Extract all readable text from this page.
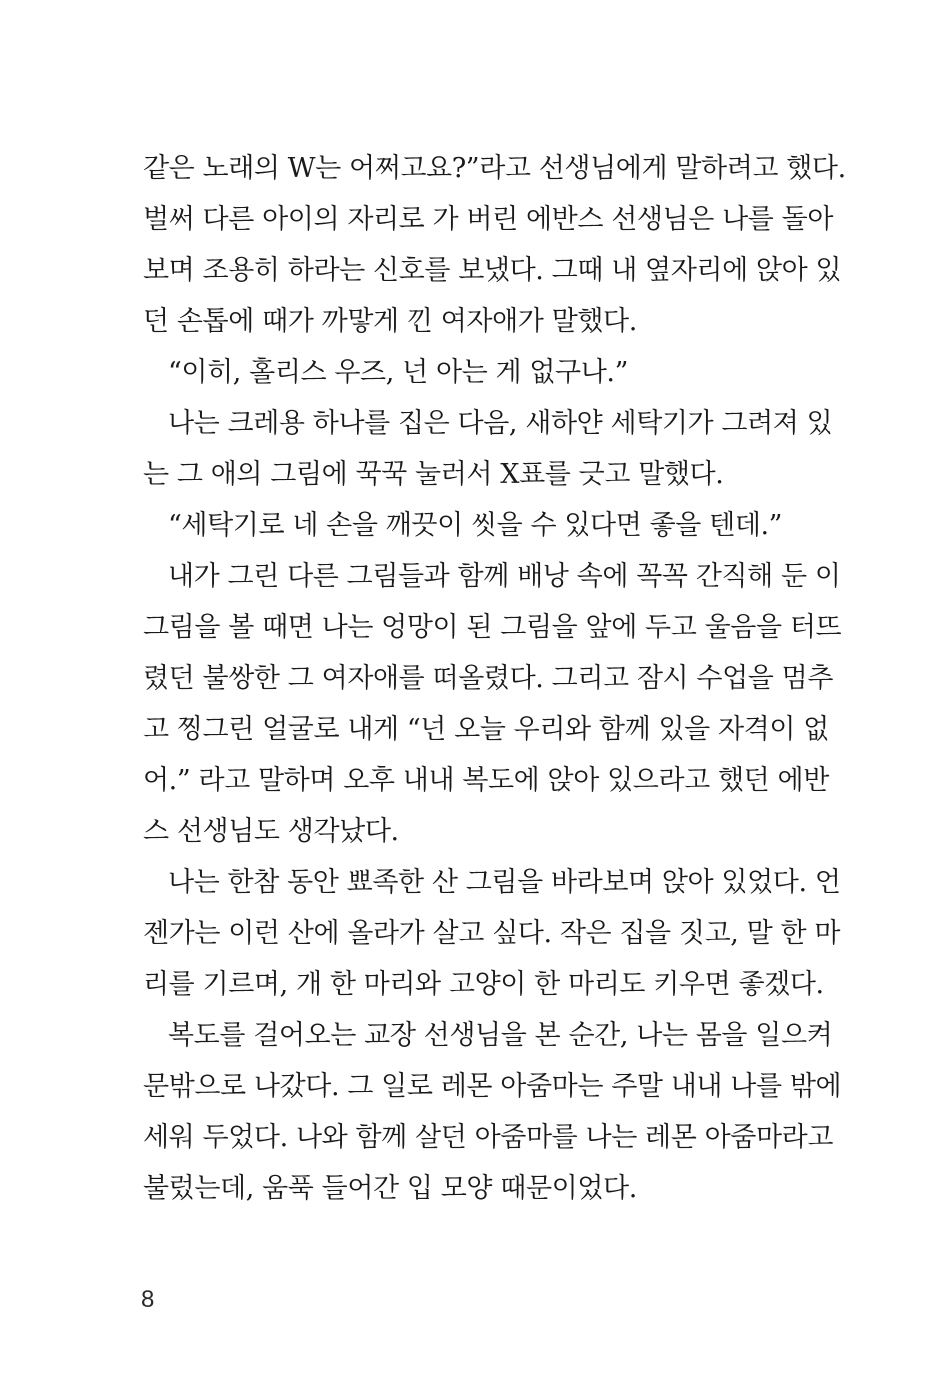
같은 노래의 W는 어쩌고요?”라고 선생님에게 말하려고 했다.
벌써 다른 아이의 자리로 가 버린 에반스 선생님은 나를 돌아
보며 조용히 하라는 신호를 보냈다. 그때 내 옆자리에 앉아 있
던 손톱에 때가 까맣게 낀 여자애가 말했다.
“이히, 홀리스 우즈, 넌 아는 게 없구나.”
나는 크레용 하나를 집은 다음, 새하얀 세탁기가 그려져 있
는 그 애의 그림에 꾹꾹 눌러서 X표를 긋고 말했다.
“세탁기로 네 손을 깨끗이 씻을 수 있다면 좋을 텐데.”
내가 그린 다른 그림들과 함께 배낭 속에 꼭꼭 간직해 둔 이
그림을 볼 때면 나는 엉망이 된 그림을 앞에 두고 울음을 터뜨
렸던 불쌍한 그 여자애를 떠올렸다. 그리고 잠시 수업을 멈추
고 찡그린 얼굴로 내게 “넌 오늘 우리와 함께 있을 자격이 없
어.” 라고 말하며 오후 내내 복도에 앉아 있으라고 했던 에반
스 선생님도 생각났다.
나는 한참 동안 뾰족한 산 그림을 바라보며 앉아 있었다. 언
젠가는 이런 산에 올라가 살고 싶다. 작은 집을 짓고, 말 한 마
리를 기르며, 개 한 마리와 고양이 한 마리도 키우면 좋겠다.
복도를 걸어오는 교장 선생님을 본 순간, 나는 몸을 일으켜
문밖으로 나갔다. 그 일로 레몬 아줌마는 주말 내내 나를 밖에
세워 두었다. 나와 함께 살던 아줌마를 나는 레몬 아줌마라고
불렀는데, 움푹 들어간 입 모양 때문이었다.
8
